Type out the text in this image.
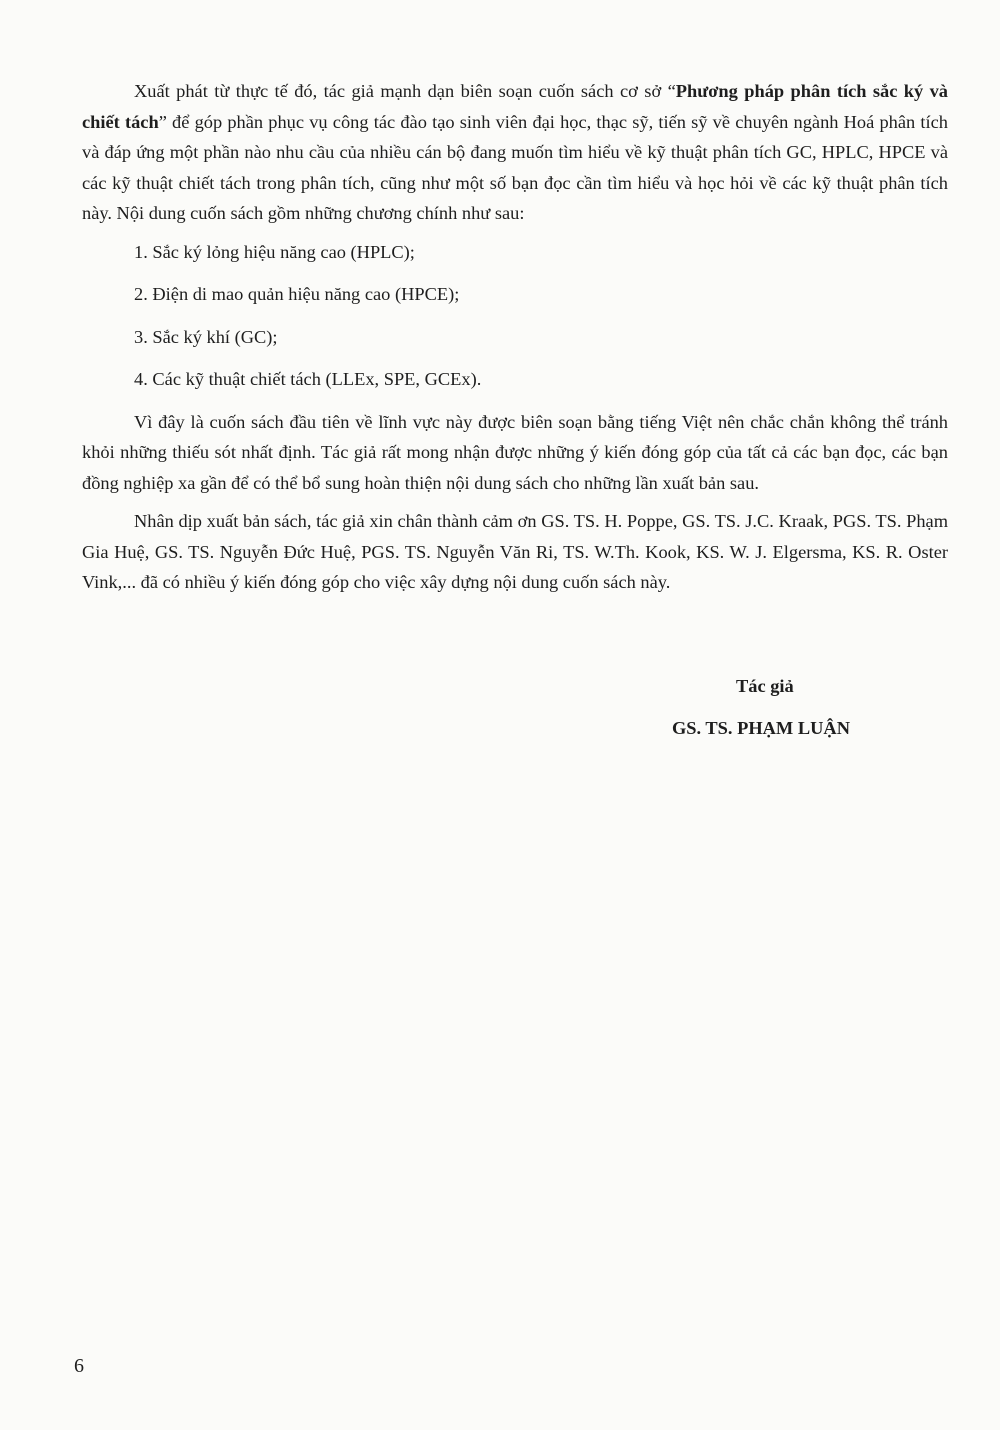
Xuất phát từ thực tế đó, tác giả mạnh dạn biên soạn cuốn sách cơ sở “Phương pháp phân tích sắc ký và chiết tách” để góp phần phục vụ công tác đào tạo sinh viên đại học, thạc sỹ, tiến sỹ về chuyên ngành Hoá phân tích và đáp ứng một phần nào nhu cầu của nhiều cán bộ đang muốn tìm hiểu về kỹ thuật phân tích GC, HPLC, HPCE và các kỹ thuật chiết tách trong phân tích, cũng như một số bạn đọc cần tìm hiểu và học hỏi về các kỹ thuật phân tích này. Nội dung cuốn sách gồm những chương chính như sau:

1. Sắc ký lỏng hiệu năng cao (HPLC);
2. Điện di mao quản hiệu năng cao (HPCE);
3. Sắc ký khí (GC);
4. Các kỹ thuật chiết tách (LLEx, SPE, GCEx).

Vì đây là cuốn sách đầu tiên về lĩnh vực này được biên soạn bằng tiếng Việt nên chắc chắn không thể tránh khỏi những thiếu sót nhất định. Tác giả rất mong nhận được những ý kiến đóng góp của tất cả các bạn đọc, các bạn đồng nghiệp xa gần để có thể bổ sung hoàn thiện nội dung sách cho những lần xuất bản sau.

Nhân dịp xuất bản sách, tác giả xin chân thành cảm ơn GS. TS. H. Poppe, GS. TS. J.C. Kraak, PGS. TS. Phạm Gia Huệ, GS. TS. Nguyễn Đức Huệ, PGS. TS. Nguyễn Văn Ri, TS. W.Th. Kook, KS. W. J. Elgersma, KS. R. Oster Vink,... đã có nhiều ý kiến đóng góp cho việc xây dựng nội dung cuốn sách này.

Tác giả
GS. TS. PHẠM LUẬN
6
